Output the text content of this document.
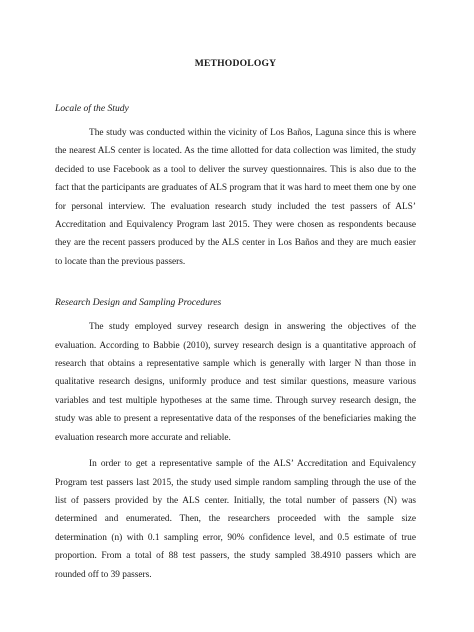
METHODOLOGY
Locale of the Study

The study was conducted within the vicinity of Los Baños, Laguna since this is where the nearest ALS center is located. As the time allotted for data collection was limited, the study decided to use Facebook as a tool to deliver the survey questionnaires. This is also due to the fact that the participants are graduates of ALS program that it was hard to meet them one by one for personal interview. The evaluation research study included the test passers of ALS’ Accreditation and Equivalency Program last 2015. They were chosen as respondents because they are the recent passers produced by the ALS center in Los Baños and they are much easier to locate than the previous passers.

Research Design and Sampling Procedures

The study employed survey research design in answering the objectives of the evaluation. According to Babbie (2010), survey research design is a quantitative approach of research that obtains a representative sample which is generally with larger N than those in qualitative research designs, uniformly produce and test similar questions, measure various variables and test multiple hypotheses at the same time. Through survey research design, the study was able to present a representative data of the responses of the beneficiaries making the evaluation research more accurate and reliable.

In order to get a representative sample of the ALS’ Accreditation and Equivalency Program test passers last 2015, the study used simple random sampling through the use of the list of passers provided by the ALS center. Initially, the total number of passers (N) was determined and enumerated. Then, the researchers proceeded with the sample size determination (n) with 0.1 sampling error, 90% confidence level, and 0.5 estimate of true proportion. From a total of 88 test passers, the study sampled 38.4910 passers which are rounded off to 39 passers.
